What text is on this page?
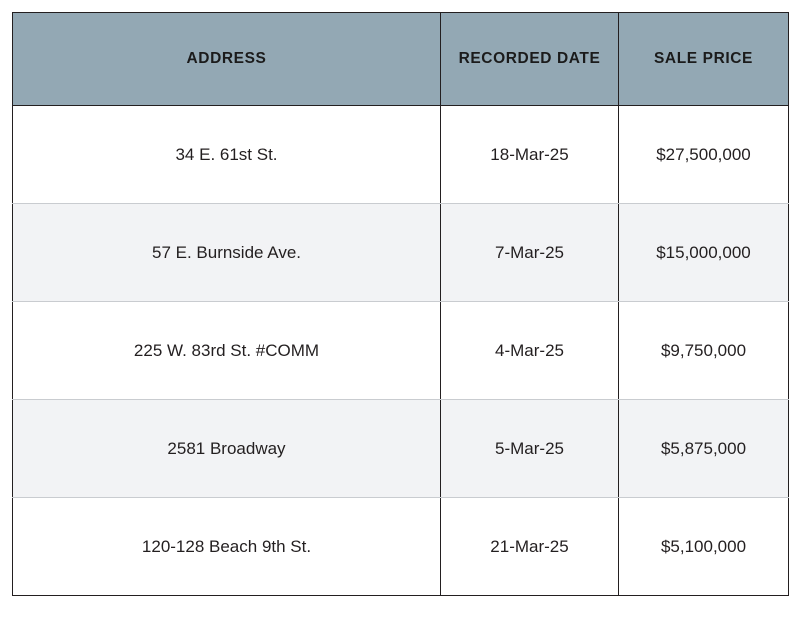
ADDRESS	RECORDED DATE	SALE PRICE
34 E. 61st St.	18-Mar-25	$27,500,000
57 E. Burnside Ave.	7-Mar-25	$15,000,000
225 W. 83rd St. #COMM	4-Mar-25	$9,750,000
2581 Broadway	5-Mar-25	$5,875,000
120-128 Beach 9th St.	21-Mar-25	$5,100,000
